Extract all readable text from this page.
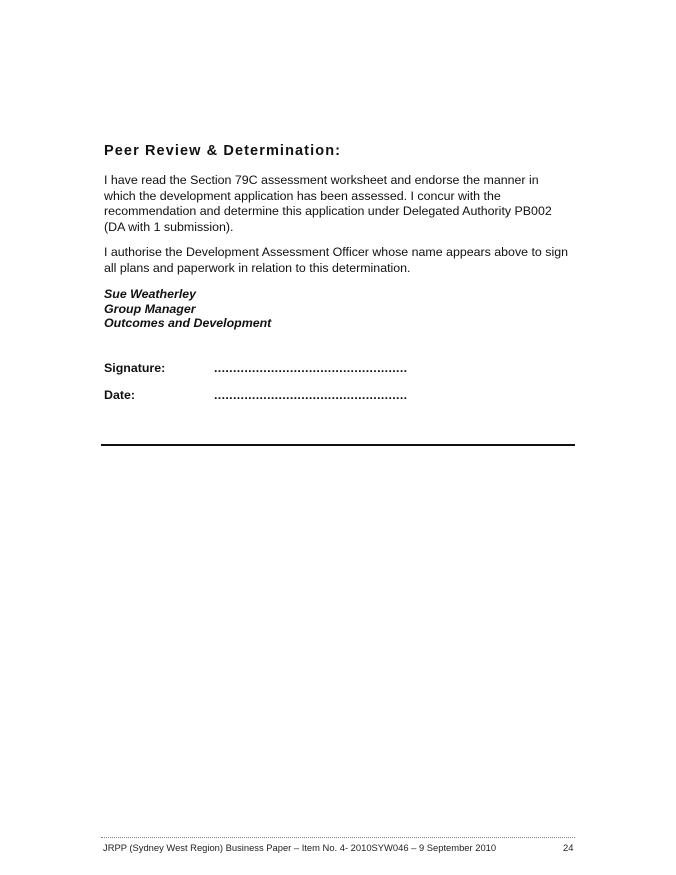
Peer Review & Determination:

I have read the Section 79C assessment worksheet and endorse the manner in
which the development application has been assessed. I concur with the
recommendation and determine this application under Delegated Authority PB002
(DA with 1 submission).

I authorise the Development Assessment Officer whose name appears above to sign
all plans and paperwork in relation to this determination.

Sue Weatherley
Group Manager
Outcomes and Development
Signature:	...................................................
Date:	...................................................
JRPP (Sydney West Region) Business Paper – Item No. 4- 2010SYW046 – 9 September 2010	24
